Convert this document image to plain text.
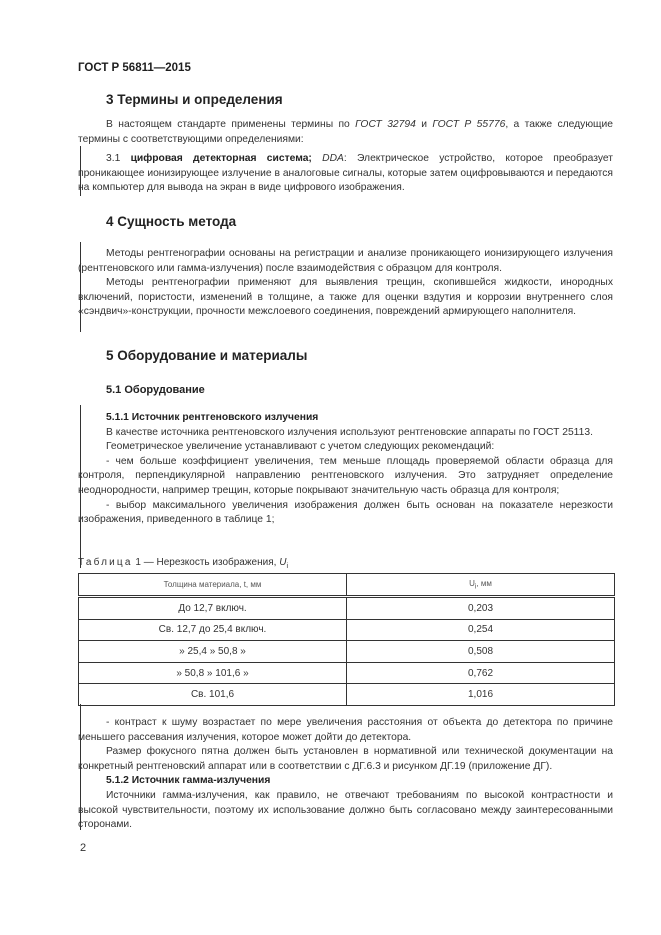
ГОСТ Р 56811—2015
3 Термины и определения

В настоящем стандарте применены термины по ГОСТ 32794 и ГОСТ Р 55776, а также следующие термины с соответствующими определениями:

3.1 цифровая детекторная система; DDA: Электрическое устройство, которое преобразует проникающее ионизирующее излучение в аналоговые сигналы, которые затем оцифровываются и передаются на компьютер для вывода на экран в виде цифрового изображения.

4 Сущность метода

Методы рентгенографии основаны на регистрации и анализе проникающего ионизирующего излучения (рентгеновского или гамма-излучения) после взаимодействия с образцом для контроля.

Методы рентгенографии применяют для выявления трещин, скопившейся жидкости, инородных включений, пористости, изменений в толщине, а также для оценки вздутия и коррозии внутреннего слоя «сэндвич»-конструкции, прочности межслоевого соединения, повреждений армирующего наполнителя.

5 Оборудование и материалы
5.1 Оборудование

5.1.1 Источник рентгеновского излучения

В качестве источника рентгеновского излучения используют рентгеновские аппараты по ГОСТ 25113.

Геометрическое увеличение устанавливают с учетом следующих рекомендаций:

- чем больше коэффициент увеличения, тем меньше площадь проверяемой области образца для контроля, перпендикулярной направлению рентгеновского излучения. Это затрудняет определение неоднородности, например трещин, которые покрывают значительную часть образца для контроля;

- выбор максимального увеличения изображения должен быть основан на показателе нерезкости изображения, приведенного в таблице 1;

Таблица 1 — Нерезкость изображения, $U_i$
Толщина материала, t, мм	$U_i$, мм
До 12,7 включ.	0,203
Св. 12,7 до 25,4 включ.	0,254
» 25,4 » 50,8 »	0,508
» 50,8 » 101,6 »	0,762
Св. 101,6	1,016

- контраст к шуму возрастает по мере увеличения расстояния от объекта до детектора по причине меньшего рассевания излучения, которое может дойти до детектора.

Размер фокусного пятна должен быть установлен в нормативной или технической документации на конкретный рентгеновский аппарат или в соответствии с ДГ.6.3 и рисунком ДГ.19 (приложение ДГ).

5.1.2 Источник гамма-излучения

Источники гамма-излучения, как правило, не отвечают требованиям по высокой контрастности и высокой чувствительности, поэтому их использование должно быть согласовано между заинтересованными сторонами.

2
